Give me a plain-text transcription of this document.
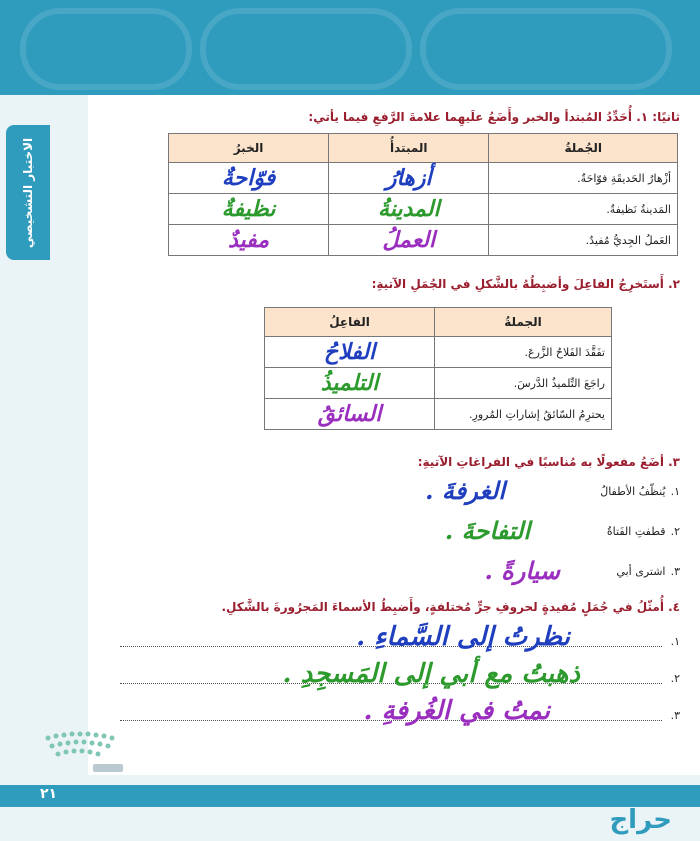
الاختبار التشخيصي
ثانيًا: ١. أُحَدِّدُ المُبتدأ والخبر وأَضَعُ علَيهِما علامةَ الرَّفعِ فيما يأتي:
الجُملةُ	المبتدأُ	الخبرُ
أزْهارُ الحَديقَةِ فوّاحَةٌ.	أزهارُ	فوّاحةٌ
المَدينةُ نَظيفةٌ.	المدينةُ	نظيفةٌ
العَملُ الجِديُّ مُفيدٌ.	العملُ	مفيدٌ
٢. أَستَخرِجُ الفاعِلَ وأضبِطُهُ بالشَّكلِ في الجُمَلِ الآتيةِ:
الجملةُ	الفاعِلُ
تفَقَّدَ الفَلاحُ الزَّرعَ.	الفلاحُ
راجَعَ التِّلميذُ الدَّرسَ.	التلميذُ
يحترِمُ السّائقُ إشاراتِ المُرورِ.	السائقُ
٣. أضَعُ مفعولًا به مُناسبًا في الفراغاتِ الآتيةِ:
١. يُنظّفُ الأطفالُ
الغرفةَ .
٢. قطفتِ الفَتاةُ
التفاحةَ .
٣. اشترى أبي
سيارةً .
٤. أُمثّلُ في جُمَلٍ مُفيدةٍ لحروفِ جرٍّ مُختلفةٍ، وأَضبِطُ الأسماءَ المَجرُورةَ بالشَّكلِ.
١.
نظرتُ إلى السَّماءِ .
٢.
ذهبتُ مع أبي إلى المَسجِدِ .
٣.
نمتُ في الغُرفةِ .
٢١
حراج
